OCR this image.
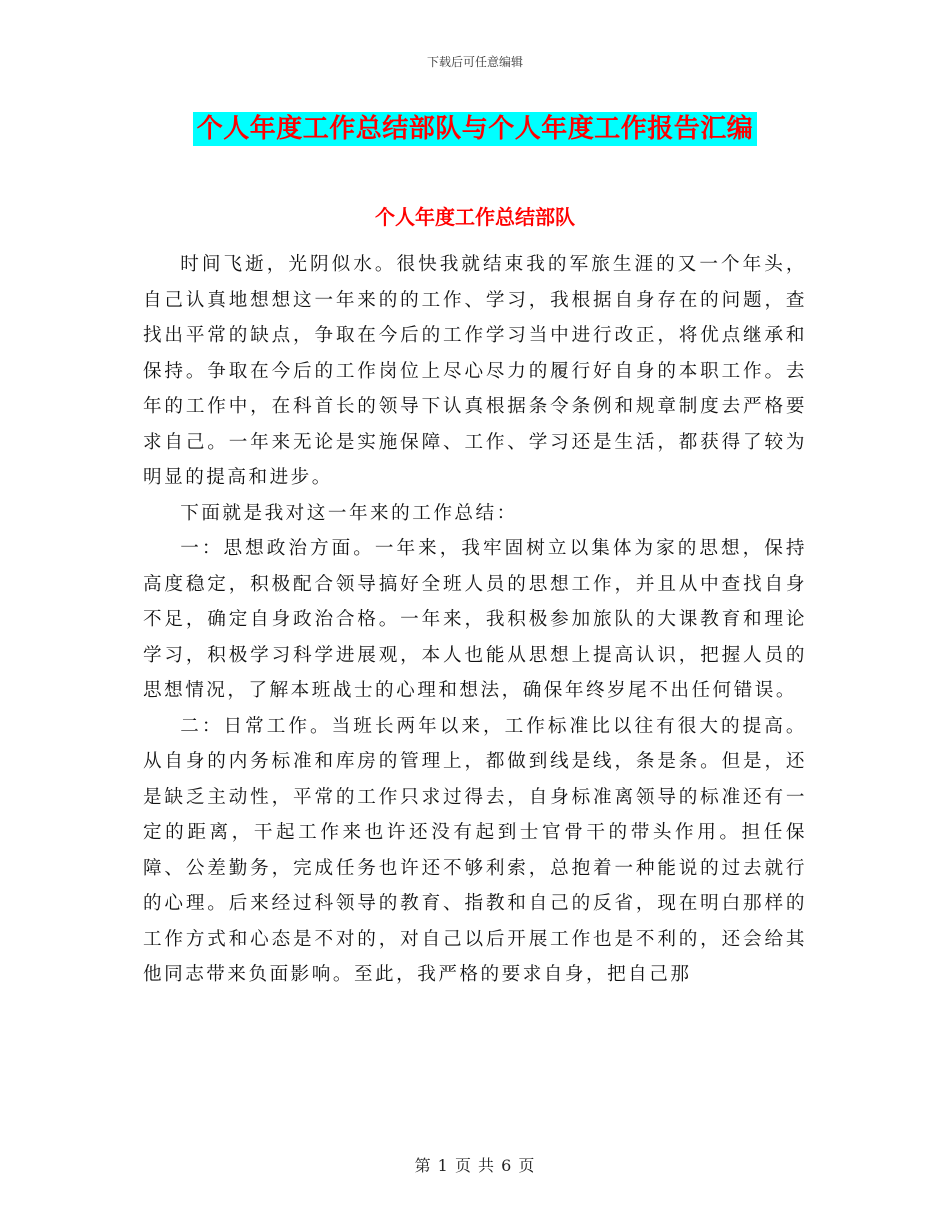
下载后可任意编辑
个人年度工作总结部队与个人年度工作报告汇编
个人年度工作总结部队

时间飞逝，光阴似水。很快我就结束我的军旅生涯的又一个年头，自己认真地想想这一年来的的工作、学习，我根据自身存在的问题，查找出平常的缺点，争取在今后的工作学习当中进行改正，将优点继承和保持。争取在今后的工作岗位上尽心尽力的履行好自身的本职工作。去年的工作中，在科首长的领导下认真根据条令条例和规章制度去严格要求自己。一年来无论是实施保障、工作、学习还是生活，都获得了较为明显的提高和进步。

下面就是我对这一年来的工作总结：

一：思想政治方面。一年来，我牢固树立以集体为家的思想，保持高度稳定，积极配合领导搞好全班人员的思想工作，并且从中查找自身不足，确定自身政治合格。一年来，我积极参加旅队的大课教育和理论学习，积极学习科学进展观，本人也能从思想上提高认识，把握人员的思想情况，了解本班战士的心理和想法，确保年终岁尾不出任何错误。

二：日常工作。当班长两年以来，工作标准比以往有很大的提高。从自身的内务标准和库房的管理上，都做到线是线，条是条。但是，还是缺乏主动性，平常的工作只求过得去，自身标准离领导的标准还有一定的距离，干起工作来也许还没有起到士官骨干的带头作用。担任保障、公差勤务，完成任务也许还不够利索，总抱着一种能说的过去就行的心理。后来经过科领导的教育、指教和自己的反省，现在明白那样的工作方式和心态是不对的，对自己以后开展工作也是不利的，还会给其他同志带来负面影响。至此，我严格的要求自身，把自己那

第 1 页 共 6 页
